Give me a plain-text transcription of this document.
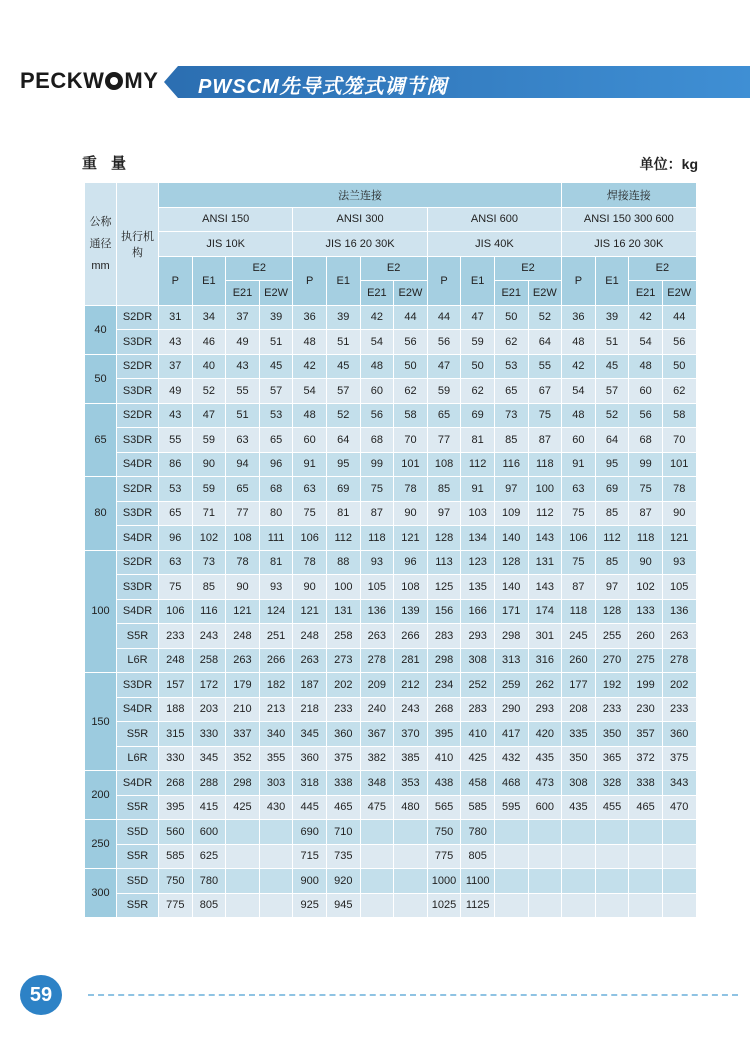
PECKW MY PWSCM先导式笼式调节阀
重量	单位：kg
公称通径mm	执行机构	法兰连接												焊接连接			
		ANSI 150				ANSI 300				ANSI 600				ANSI 150 300 600			
		JIS 10K				JIS 16 20 30K				JIS 40K				JIS 16 20 30K			
		P	E1	E2		P	E1	E2		P	E1	E2		P	E1	E2	
				E21	E2W			E21	E2W			E21	E2W			E21	E2W
40	S2DR	31	34	37	39	36	39	42	44	44	47	50	52	36	39	42	44
	S3DR	43	46	49	51	48	51	54	56	56	59	62	64	48	51	54	56
50	S2DR	37	40	43	45	42	45	48	50	47	50	53	55	42	45	48	50
	S3DR	49	52	55	57	54	57	60	62	59	62	65	67	54	57	60	62
65	S2DR	43	47	51	53	48	52	56	58	65	69	73	75	48	52	56	58
	S3DR	55	59	63	65	60	64	68	70	77	81	85	87	60	64	68	70
	S4DR	86	90	94	96	91	95	99	101	108	112	116	118	91	95	99	101
80	S2DR	53	59	65	68	63	69	75	78	85	91	97	100	63	69	75	78
	S3DR	65	71	77	80	75	81	87	90	97	103	109	112	75	85	87	90
	S4DR	96	102	108	111	106	112	118	121	128	134	140	143	106	112	118	121
100	S2DR	63	73	78	81	78	88	93	96	113	123	128	131	75	85	90	93
	S3DR	75	85	90	93	90	100	105	108	125	135	140	143	87	97	102	105
	S4DR	106	116	121	124	121	131	136	139	156	166	171	174	118	128	133	136
	S5R	233	243	248	251	248	258	263	266	283	293	298	301	245	255	260	263
	L6R	248	258	263	266	263	273	278	281	298	308	313	316	260	270	275	278
150	S3DR	157	172	179	182	187	202	209	212	234	252	259	262	177	192	199	202
	S4DR	188	203	210	213	218	233	240	243	268	283	290	293	208	233	230	233
	S5R	315	330	337	340	345	360	367	370	395	410	417	420	335	350	357	360
	L6R	330	345	352	355	360	375	382	385	410	425	432	435	350	365	372	375
200	S4DR	268	288	298	303	318	338	348	353	438	458	468	473	308	328	338	343
	S5R	395	415	425	430	445	465	475	480	565	585	595	600	435	455	465	470
250	S5D	560	600			690	710			750	780						
	S5R	585	625			715	735			775	805						
300	S5D	750	780			900	920			1000	1100						
	S5R	775	805			925	945			1025	1125						
59
